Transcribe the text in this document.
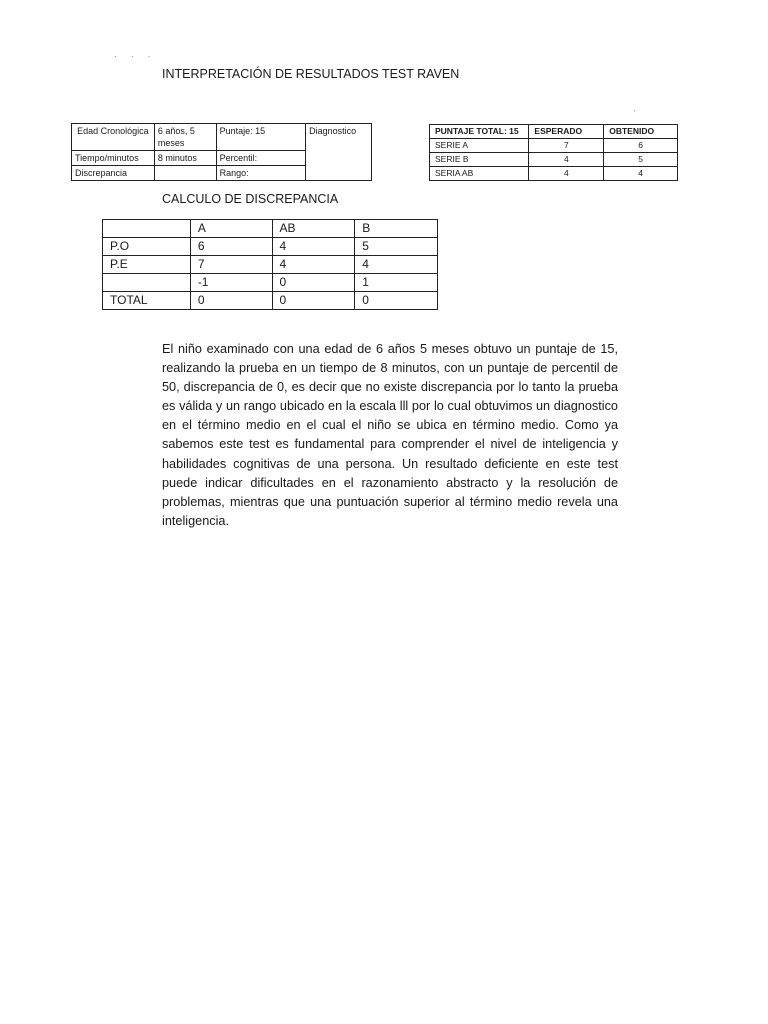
· · ·
INTERPRETACIÓN DE RESULTADOS TEST RAVEN
'
Edad Cronológica	6 años, 5 meses	Puntaje: 15	Diagnostico
Tiempo/minutos	8 minutos	Percentil:	
Discrepancia		Rango:	
PUNTAJE TOTAL: 15	ESPERADO	OBTENIDO
SERIE A	7	6
SERIE B	4	5
SERIA AB	4	4
CALCULO DE DISCREPANCIA
	A	AB	B
P.O	6	4	5
P.E	7	4	4
	-1	0	1
TOTAL	0	0	0

El niño examinado con una edad de 6 años 5 meses obtuvo un puntaje de 15, realizando la prueba en un tiempo de 8 minutos, con un puntaje de percentil de 50, discrepancia de 0, es decir que no existe discrepancia por lo tanto la prueba es válida y un rango ubicado en la escala lll por lo cual obtuvimos un diagnostico en el término medio en el cual el niño se ubica en término medio. Como ya sabemos este test es fundamental para comprender el nivel de inteligencia y habilidades cognitivas de una persona. Un resultado deficiente en este test puede indicar dificultades en el razonamiento abstracto y la resolución de problemas, mientras que una puntuación superior al término medio revela una inteligencia.
